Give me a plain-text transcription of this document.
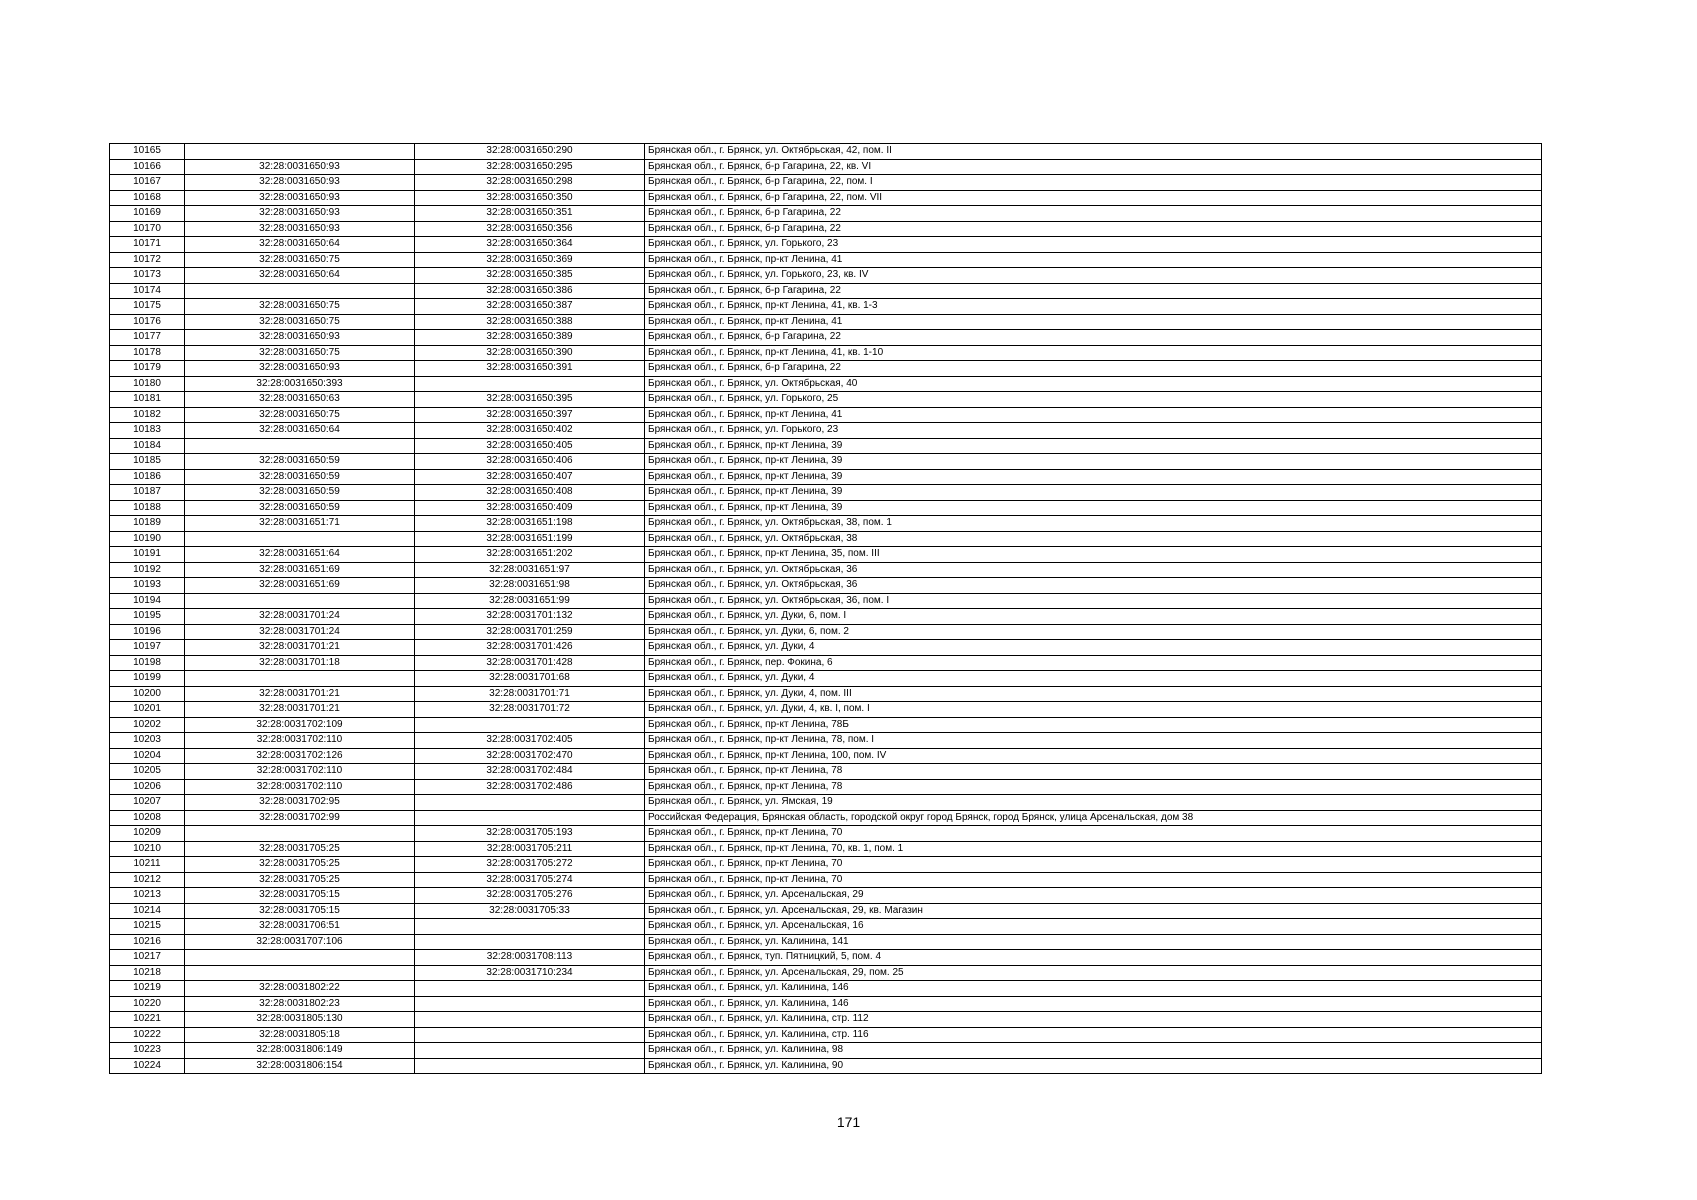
10165		32:28:0031650:290	Брянская обл., г. Брянск, ул. Октябрьская, 42, пом. II
10166	32:28:0031650:93	32:28:0031650:295	Брянская обл., г. Брянск, б-р Гагарина, 22, кв. VI
10167	32:28:0031650:93	32:28:0031650:298	Брянская обл., г. Брянск, б-р Гагарина, 22, пом. I
10168	32:28:0031650:93	32:28:0031650:350	Брянская обл., г. Брянск, б-р Гагарина, 22, пом. VII
10169	32:28:0031650:93	32:28:0031650:351	Брянская обл., г. Брянск, б-р Гагарина, 22
10170	32:28:0031650:93	32:28:0031650:356	Брянская обл., г. Брянск, б-р Гагарина, 22
10171	32:28:0031650:64	32:28:0031650:364	Брянская обл., г. Брянск, ул. Горького, 23
10172	32:28:0031650:75	32:28:0031650:369	Брянская обл., г. Брянск, пр-кт Ленина, 41
10173	32:28:0031650:64	32:28:0031650:385	Брянская обл., г. Брянск, ул. Горького, 23, кв. IV
10174		32:28:0031650:386	Брянская обл., г. Брянск, б-р Гагарина, 22
10175	32:28:0031650:75	32:28:0031650:387	Брянская обл., г. Брянск, пр-кт Ленина, 41, кв. 1-3
10176	32:28:0031650:75	32:28:0031650:388	Брянская обл., г. Брянск, пр-кт Ленина, 41
10177	32:28:0031650:93	32:28:0031650:389	Брянская обл., г. Брянск, б-р Гагарина, 22
10178	32:28:0031650:75	32:28:0031650:390	Брянская обл., г. Брянск, пр-кт Ленина, 41, кв. 1-10
10179	32:28:0031650:93	32:28:0031650:391	Брянская обл., г. Брянск, б-р Гагарина, 22
10180	32:28:0031650:393		Брянская обл., г. Брянск, ул. Октябрьская, 40
10181	32:28:0031650:63	32:28:0031650:395	Брянская обл., г. Брянск, ул. Горького, 25
10182	32:28:0031650:75	32:28:0031650:397	Брянская обл., г. Брянск, пр-кт Ленина, 41
10183	32:28:0031650:64	32:28:0031650:402	Брянская обл., г. Брянск, ул. Горького, 23
10184		32:28:0031650:405	Брянская обл., г. Брянск, пр-кт Ленина, 39
10185	32:28:0031650:59	32:28:0031650:406	Брянская обл., г. Брянск, пр-кт Ленина, 39
10186	32:28:0031650:59	32:28:0031650:407	Брянская обл., г. Брянск, пр-кт Ленина, 39
10187	32:28:0031650:59	32:28:0031650:408	Брянская обл., г. Брянск, пр-кт Ленина, 39
10188	32:28:0031650:59	32:28:0031650:409	Брянская обл., г. Брянск, пр-кт Ленина, 39
10189	32:28:0031651:71	32:28:0031651:198	Брянская обл., г. Брянск, ул. Октябрьская, 38, пом. 1
10190		32:28:0031651:199	Брянская обл., г. Брянск, ул. Октябрьская, 38
10191	32:28:0031651:64	32:28:0031651:202	Брянская обл., г. Брянск, пр-кт Ленина, 35, пом. III
10192	32:28:0031651:69	32:28:0031651:97	Брянская обл., г. Брянск, ул. Октябрьская, 36
10193	32:28:0031651:69	32:28:0031651:98	Брянская обл., г. Брянск, ул. Октябрьская, 36
10194		32:28:0031651:99	Брянская обл., г. Брянск, ул. Октябрьская, 36, пом. I
10195	32:28:0031701:24	32:28:0031701:132	Брянская обл., г. Брянск, ул. Дуки, 6, пом. I
10196	32:28:0031701:24	32:28:0031701:259	Брянская обл., г. Брянск, ул. Дуки, 6, пом. 2
10197	32:28:0031701:21	32:28:0031701:426	Брянская обл., г. Брянск, ул. Дуки, 4
10198	32:28:0031701:18	32:28:0031701:428	Брянская обл., г. Брянск, пер. Фокина, 6
10199		32:28:0031701:68	Брянская обл., г. Брянск, ул. Дуки, 4
10200	32:28:0031701:21	32:28:0031701:71	Брянская обл., г. Брянск, ул. Дуки, 4, пом. III
10201	32:28:0031701:21	32:28:0031701:72	Брянская обл., г. Брянск, ул. Дуки, 4, кв. I, пом. I
10202	32:28:0031702:109		Брянская обл., г. Брянск, пр-кт Ленина, 78Б
10203	32:28:0031702:110	32:28:0031702:405	Брянская обл., г. Брянск, пр-кт Ленина, 78, пом. I
10204	32:28:0031702:126	32:28:0031702:470	Брянская обл., г. Брянск, пр-кт Ленина, 100, пом. IV
10205	32:28:0031702:110	32:28:0031702:484	Брянская обл., г. Брянск, пр-кт Ленина, 78
10206	32:28:0031702:110	32:28:0031702:486	Брянская обл., г. Брянск, пр-кт Ленина, 78
10207	32:28:0031702:95		Брянская обл., г. Брянск, ул. Ямская, 19
10208	32:28:0031702:99		Российская Федерация, Брянская область, городской округ город Брянск, город Брянск, улица Арсенальская, дом 38
10209		32:28:0031705:193	Брянская обл., г. Брянск, пр-кт Ленина, 70
10210	32:28:0031705:25	32:28:0031705:211	Брянская обл., г. Брянск, пр-кт Ленина, 70, кв. 1, пом. 1
10211	32:28:0031705:25	32:28:0031705:272	Брянская обл., г. Брянск, пр-кт Ленина, 70
10212	32:28:0031705:25	32:28:0031705:274	Брянская обл., г. Брянск, пр-кт Ленина, 70
10213	32:28:0031705:15	32:28:0031705:276	Брянская обл., г. Брянск, ул. Арсенальская, 29
10214	32:28:0031705:15	32:28:0031705:33	Брянская обл., г. Брянск, ул. Арсенальская, 29, кв. Магазин
10215	32:28:0031706:51		Брянская обл., г. Брянск, ул. Арсенальская, 16
10216	32:28:0031707:106		Брянская обл., г. Брянск, ул. Калинина, 141
10217		32:28:0031708:113	Брянская обл., г. Брянск, туп. Пятницкий, 5, пом. 4
10218		32:28:0031710:234	Брянская обл., г. Брянск, ул. Арсенальская, 29, пом. 25
10219	32:28:0031802:22		Брянская обл., г. Брянск, ул. Калинина, 146
10220	32:28:0031802:23		Брянская обл., г. Брянск, ул. Калинина, 146
10221	32:28:0031805:130		Брянская обл., г. Брянск, ул. Калинина, стр. 112
10222	32:28:0031805:18		Брянская обл., г. Брянск, ул. Калинина, стр. 116
10223	32:28:0031806:149		Брянская обл., г. Брянск, ул. Калинина, 98
10224	32:28:0031806:154		Брянская обл., г. Брянск, ул. Калинина, 90
171
